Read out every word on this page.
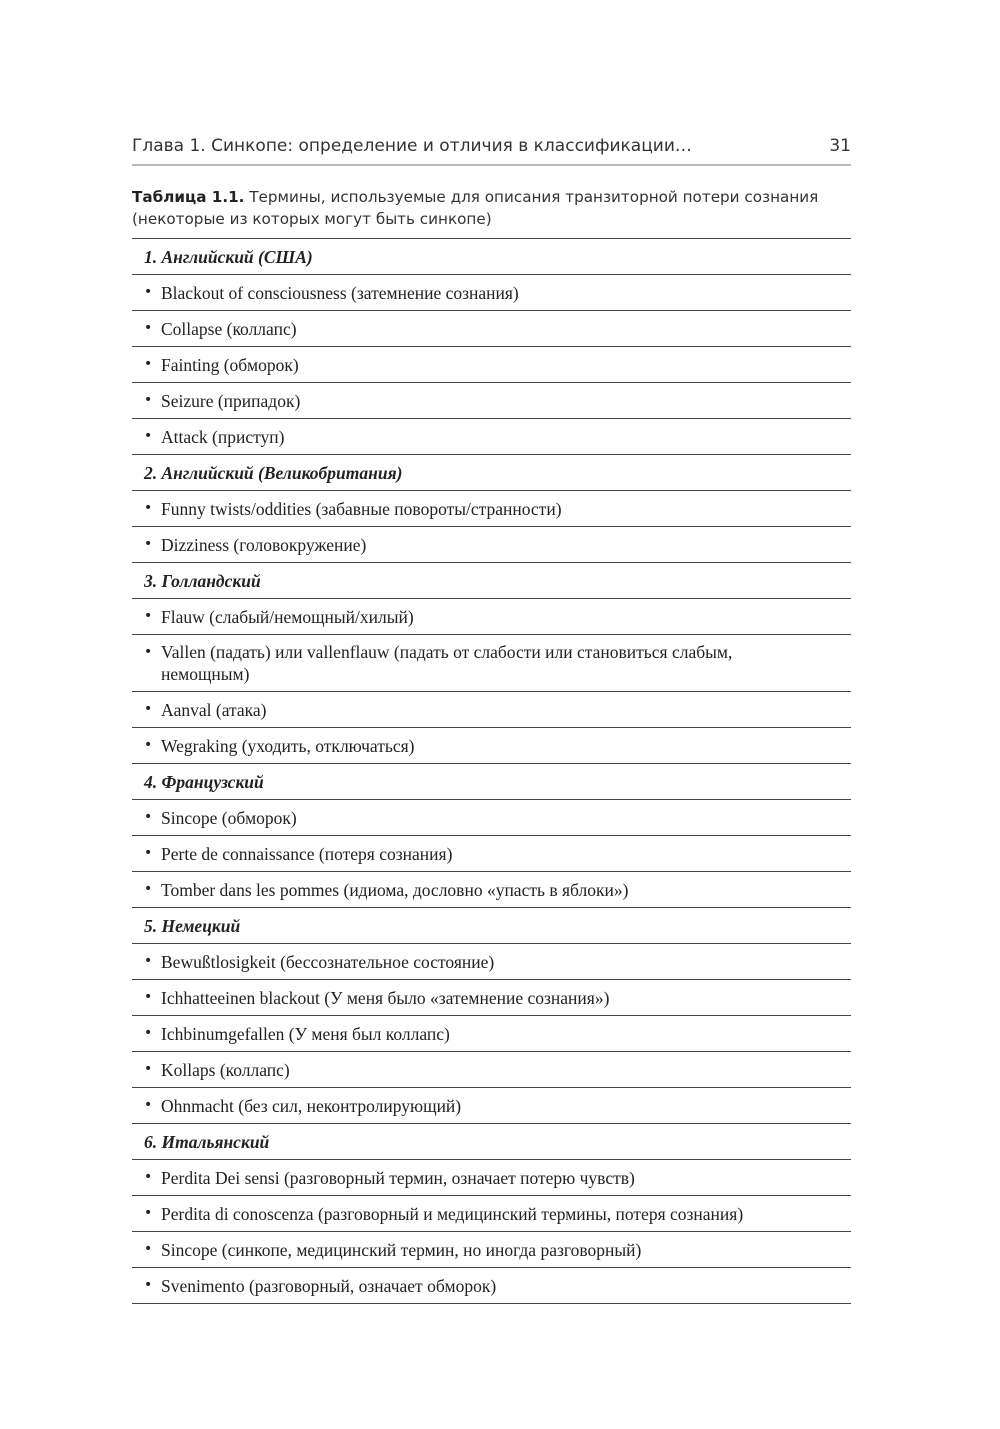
Глава 1. Синкопе: определение и отличия в классификации…	31
Таблица 1.1. Термины, используемые для описания транзиторной потери сознания (некоторые из которых могут быть синкопе)
1. Английский (США)
• Blackout of consciousness (затемнение сознания)
• Collapse (коллапс)
• Fainting (обморок)
• Seizure (припадок)
• Attack (приступ)
2. Английский (Великобритания)
• Funny twists/oddities (забавные повороты/странности)
• Dizziness (головокружение)
3. Голландский
• Flauw (слабый/немощный/хилый)
• Vallen (падать) или vallenflauw (падать от слабости или становиться слабым, немощным)
• Aanval (атака)
• Wegraking (уходить, отключаться)
4. Французский
• Sincope (обморок)
• Perte de connaissance (потеря сознания)
• Tomber dans les pommes (идиома, дословно «упасть в яблоки»)
5. Немецкий
• Bewußtlosigkeit (бессознательное состояние)
• Ichhatteeinen blackout (У меня было «затемнение сознания»)
• Ichbinumgefallen (У меня был коллапс)
• Kollaps (коллапс)
• Ohnmacht (без сил, неконтролирующий)
6. Итальянский
• Perdita Dei sensi (разговорный термин, означает потерю чувств)
• Perdita di conoscenza (разговорный и медицинский термины, потеря сознания)
• Sincope (синкопе, медицинский термин, но иногда разговорный)
• Svenimento (разговорный, означает обморок)
